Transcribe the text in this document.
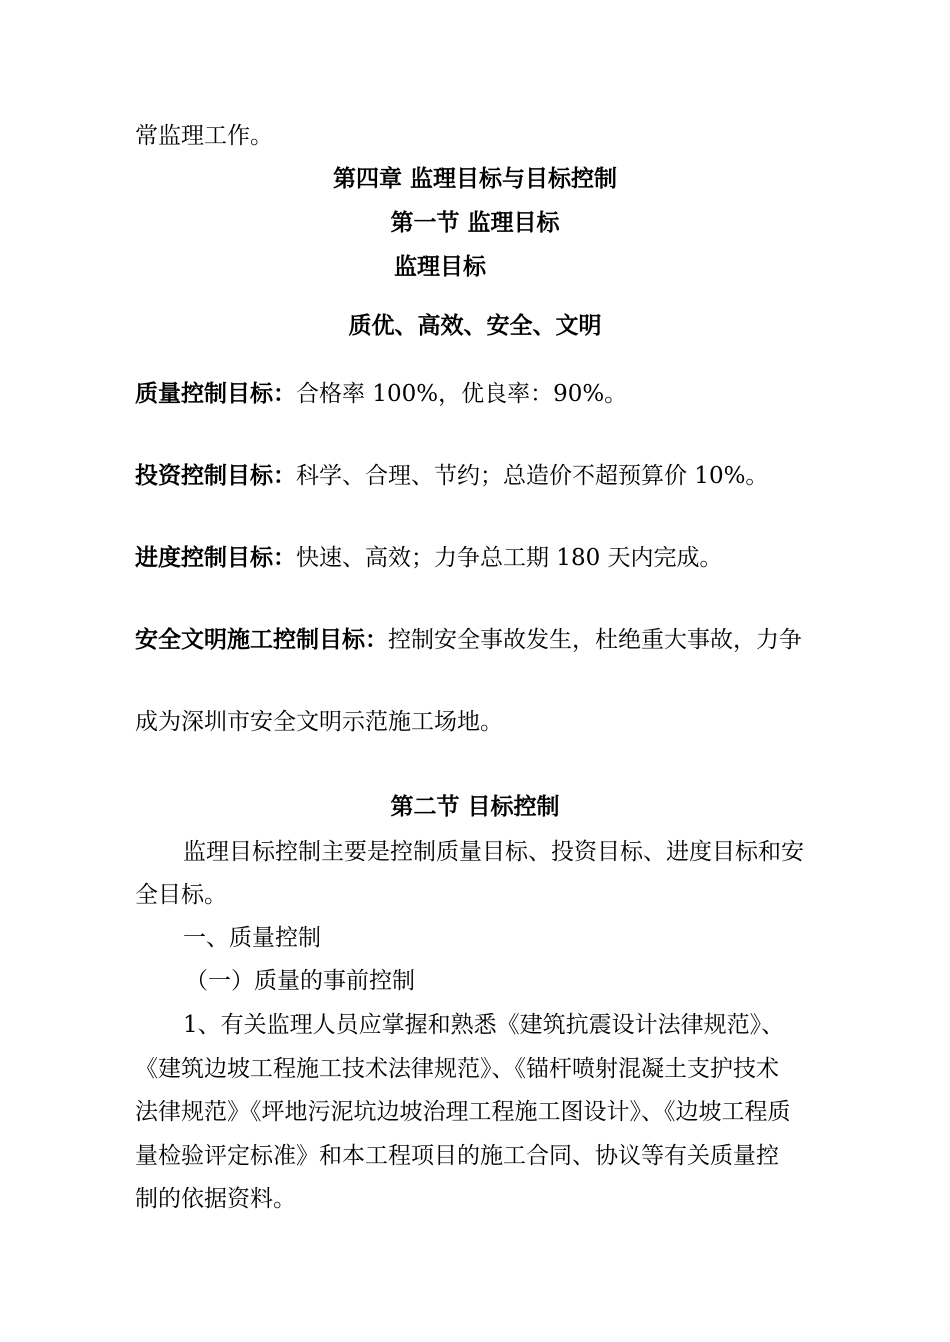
常监理工作。
第四章 监理目标与目标控制
第一节 监理目标
监理目标
质优、高效、安全、文明
质量控制目标：合格率 100%，优良率：90%。
投资控制目标：科学、合理、节约；总造价不超预算价 10%。
进度控制目标：快速、高效；力争总工期 180 天内完成。
安全文明施工控制目标：控制安全事故发生，杜绝重大事故，力争
成为深圳市安全文明示范施工场地。
第二节 目标控制
监理目标控制主要是控制质量目标、投资目标、进度目标和安
全目标。
一、质量控制
（一）质量的事前控制
1、有关监理人员应掌握和熟悉《建筑抗震设计法律规范》、
《建筑边坡工程施工技术法律规范》、《锚杆喷射混凝土支护技术
法律规范》《坪地污泥坑边坡治理工程施工图设计》、《边坡工程质
量检验评定标准》和本工程项目的施工合同、协议等有关质量控
制的依据资料。
